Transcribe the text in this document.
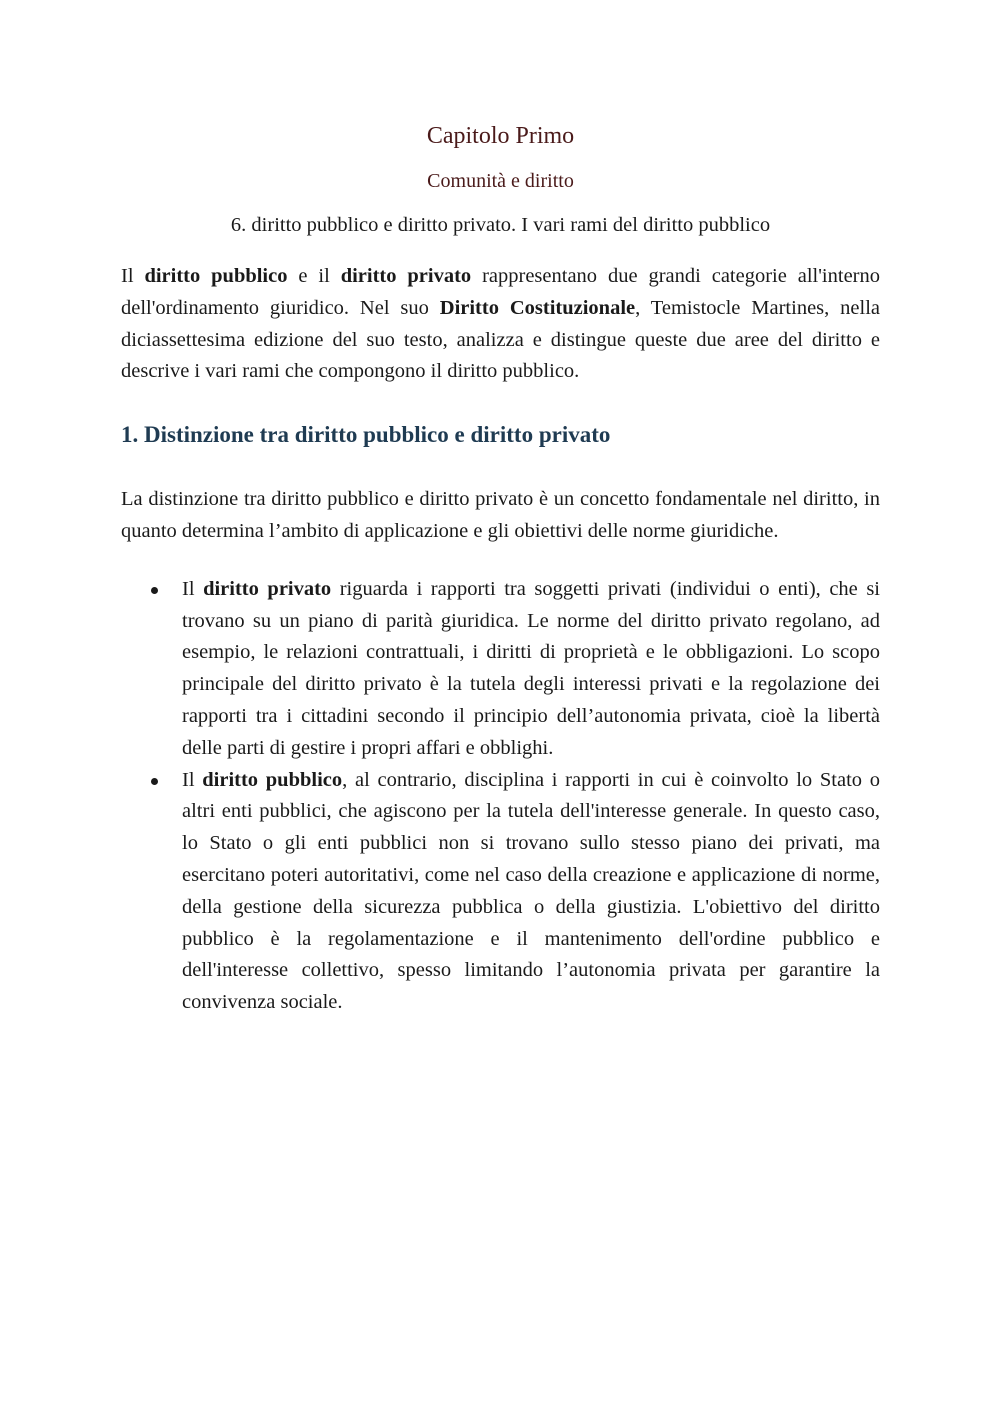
Capitolo Primo
Comunità e diritto
6. diritto pubblico e diritto privato. I vari rami del diritto pubblico

Il diritto pubblico e il diritto privato rappresentano due grandi categorie all'interno dell'ordinamento giuridico. Nel suo Diritto Costituzionale, Temistocle Martines, nella diciassettesima edizione del suo testo, analizza e distingue queste due aree del diritto e descrive i vari rami che compongono il diritto pubblico.

1. Distinzione tra diritto pubblico e diritto privato

La distinzione tra diritto pubblico e diritto privato è un concetto fondamentale nel diritto, in quanto determina l’ambito di applicazione e gli obiettivi delle norme giuridiche.

Il diritto privato riguarda i rapporti tra soggetti privati (individui o enti), che si trovano su un piano di parità giuridica. Le norme del diritto privato regolano, ad esempio, le relazioni contrattuali, i diritti di proprietà e le obbligazioni. Lo scopo principale del diritto privato è la tutela degli interessi privati e la regolazione dei rapporti tra i cittadini secondo il principio dell’autonomia privata, cioè la libertà delle parti di gestire i propri affari e obblighi.
Il diritto pubblico, al contrario, disciplina i rapporti in cui è coinvolto lo Stato o altri enti pubblici, che agiscono per la tutela dell'interesse generale. In questo caso, lo Stato o gli enti pubblici non si trovano sullo stesso piano dei privati, ma esercitano poteri autoritativi, come nel caso della creazione e applicazione di norme, della gestione della sicurezza pubblica o della giustizia. L'obiettivo del diritto pubblico è la regolamentazione e il mantenimento dell'ordine pubblico e dell'interesse collettivo, spesso limitando l’autonomia privata per garantire la convivenza sociale.
